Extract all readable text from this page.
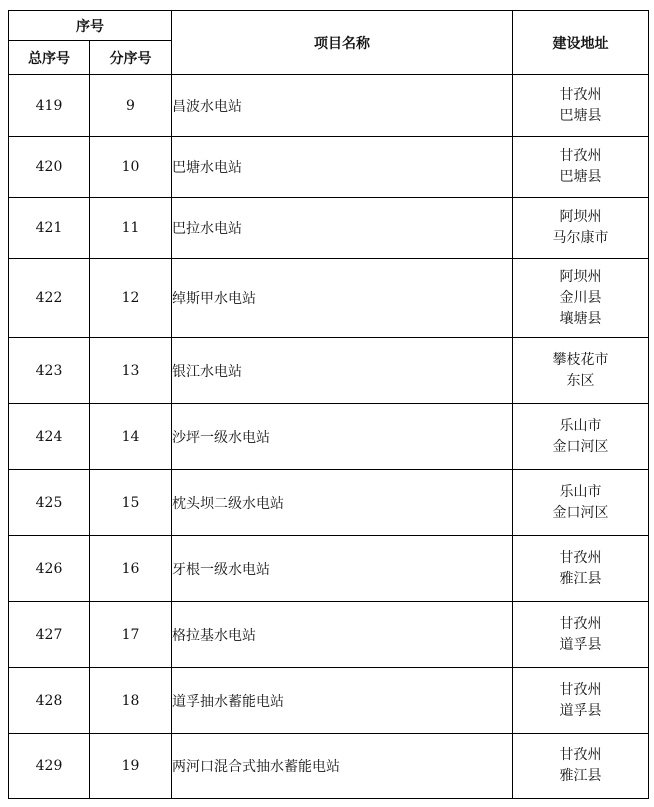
序号		项目名称	建设地址
总序号	分序号		
419	9	昌波水电站	甘孜州
巴塘县

420	10	巴塘水电站	甘孜州
巴塘县

421	11	巴拉水电站	阿坝州
马尔康市

422	12	绰斯甲水电站	阿坝州
金川县
壤塘县

423	13	银江水电站	攀枝花市
东区

424	14	沙坪一级水电站	乐山市
金口河区

425	15	枕头坝二级水电站	乐山市
金口河区

426	16	牙根一级水电站	甘孜州
雅江县

427	17	格拉基水电站	甘孜州
道孚县

428	18	道孚抽水蓄能电站	甘孜州
道孚县

429	19	两河口混合式抽水蓄能电站	甘孜州
雅江县
